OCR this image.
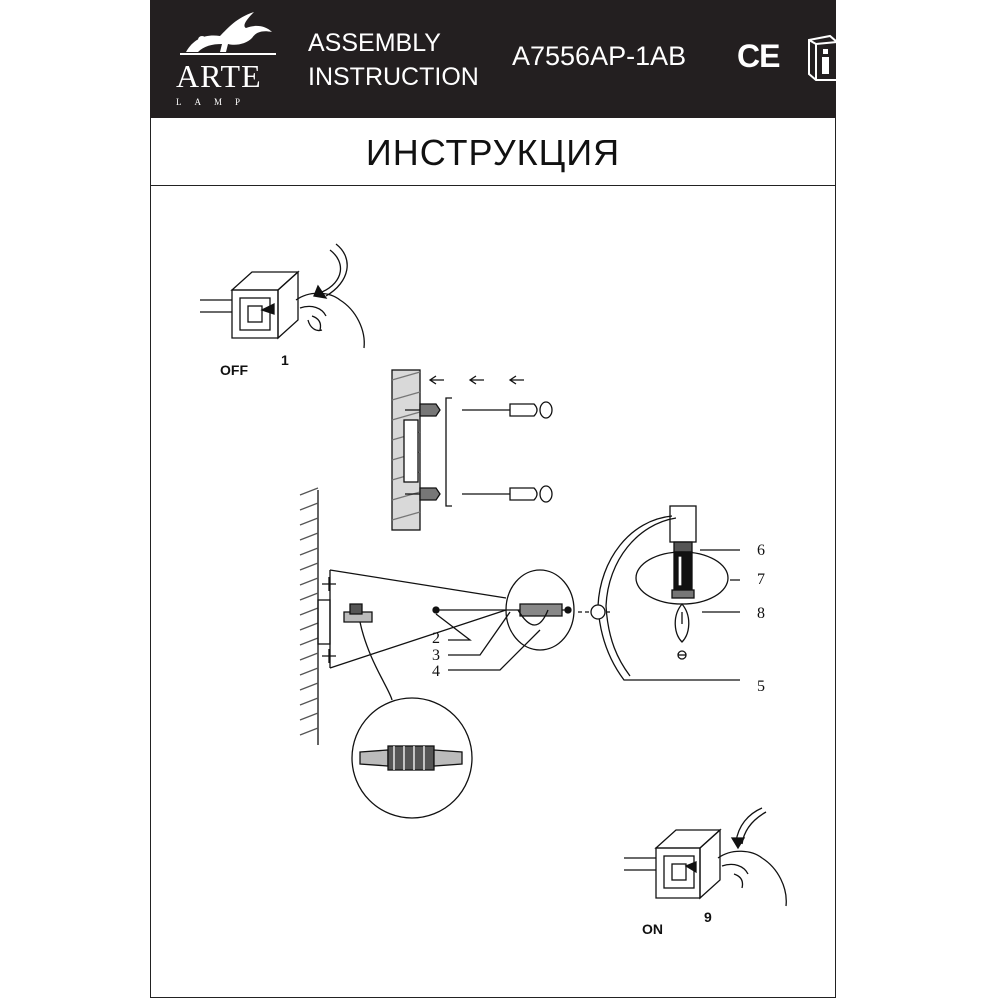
ARTE
LAMP
ASSEMBLY
INSTRUCTION
A7556AP-1AB CE
ИНСТРУКЦИЯ
OFF
1
ON
9
2
3
4
5
6
7
8
